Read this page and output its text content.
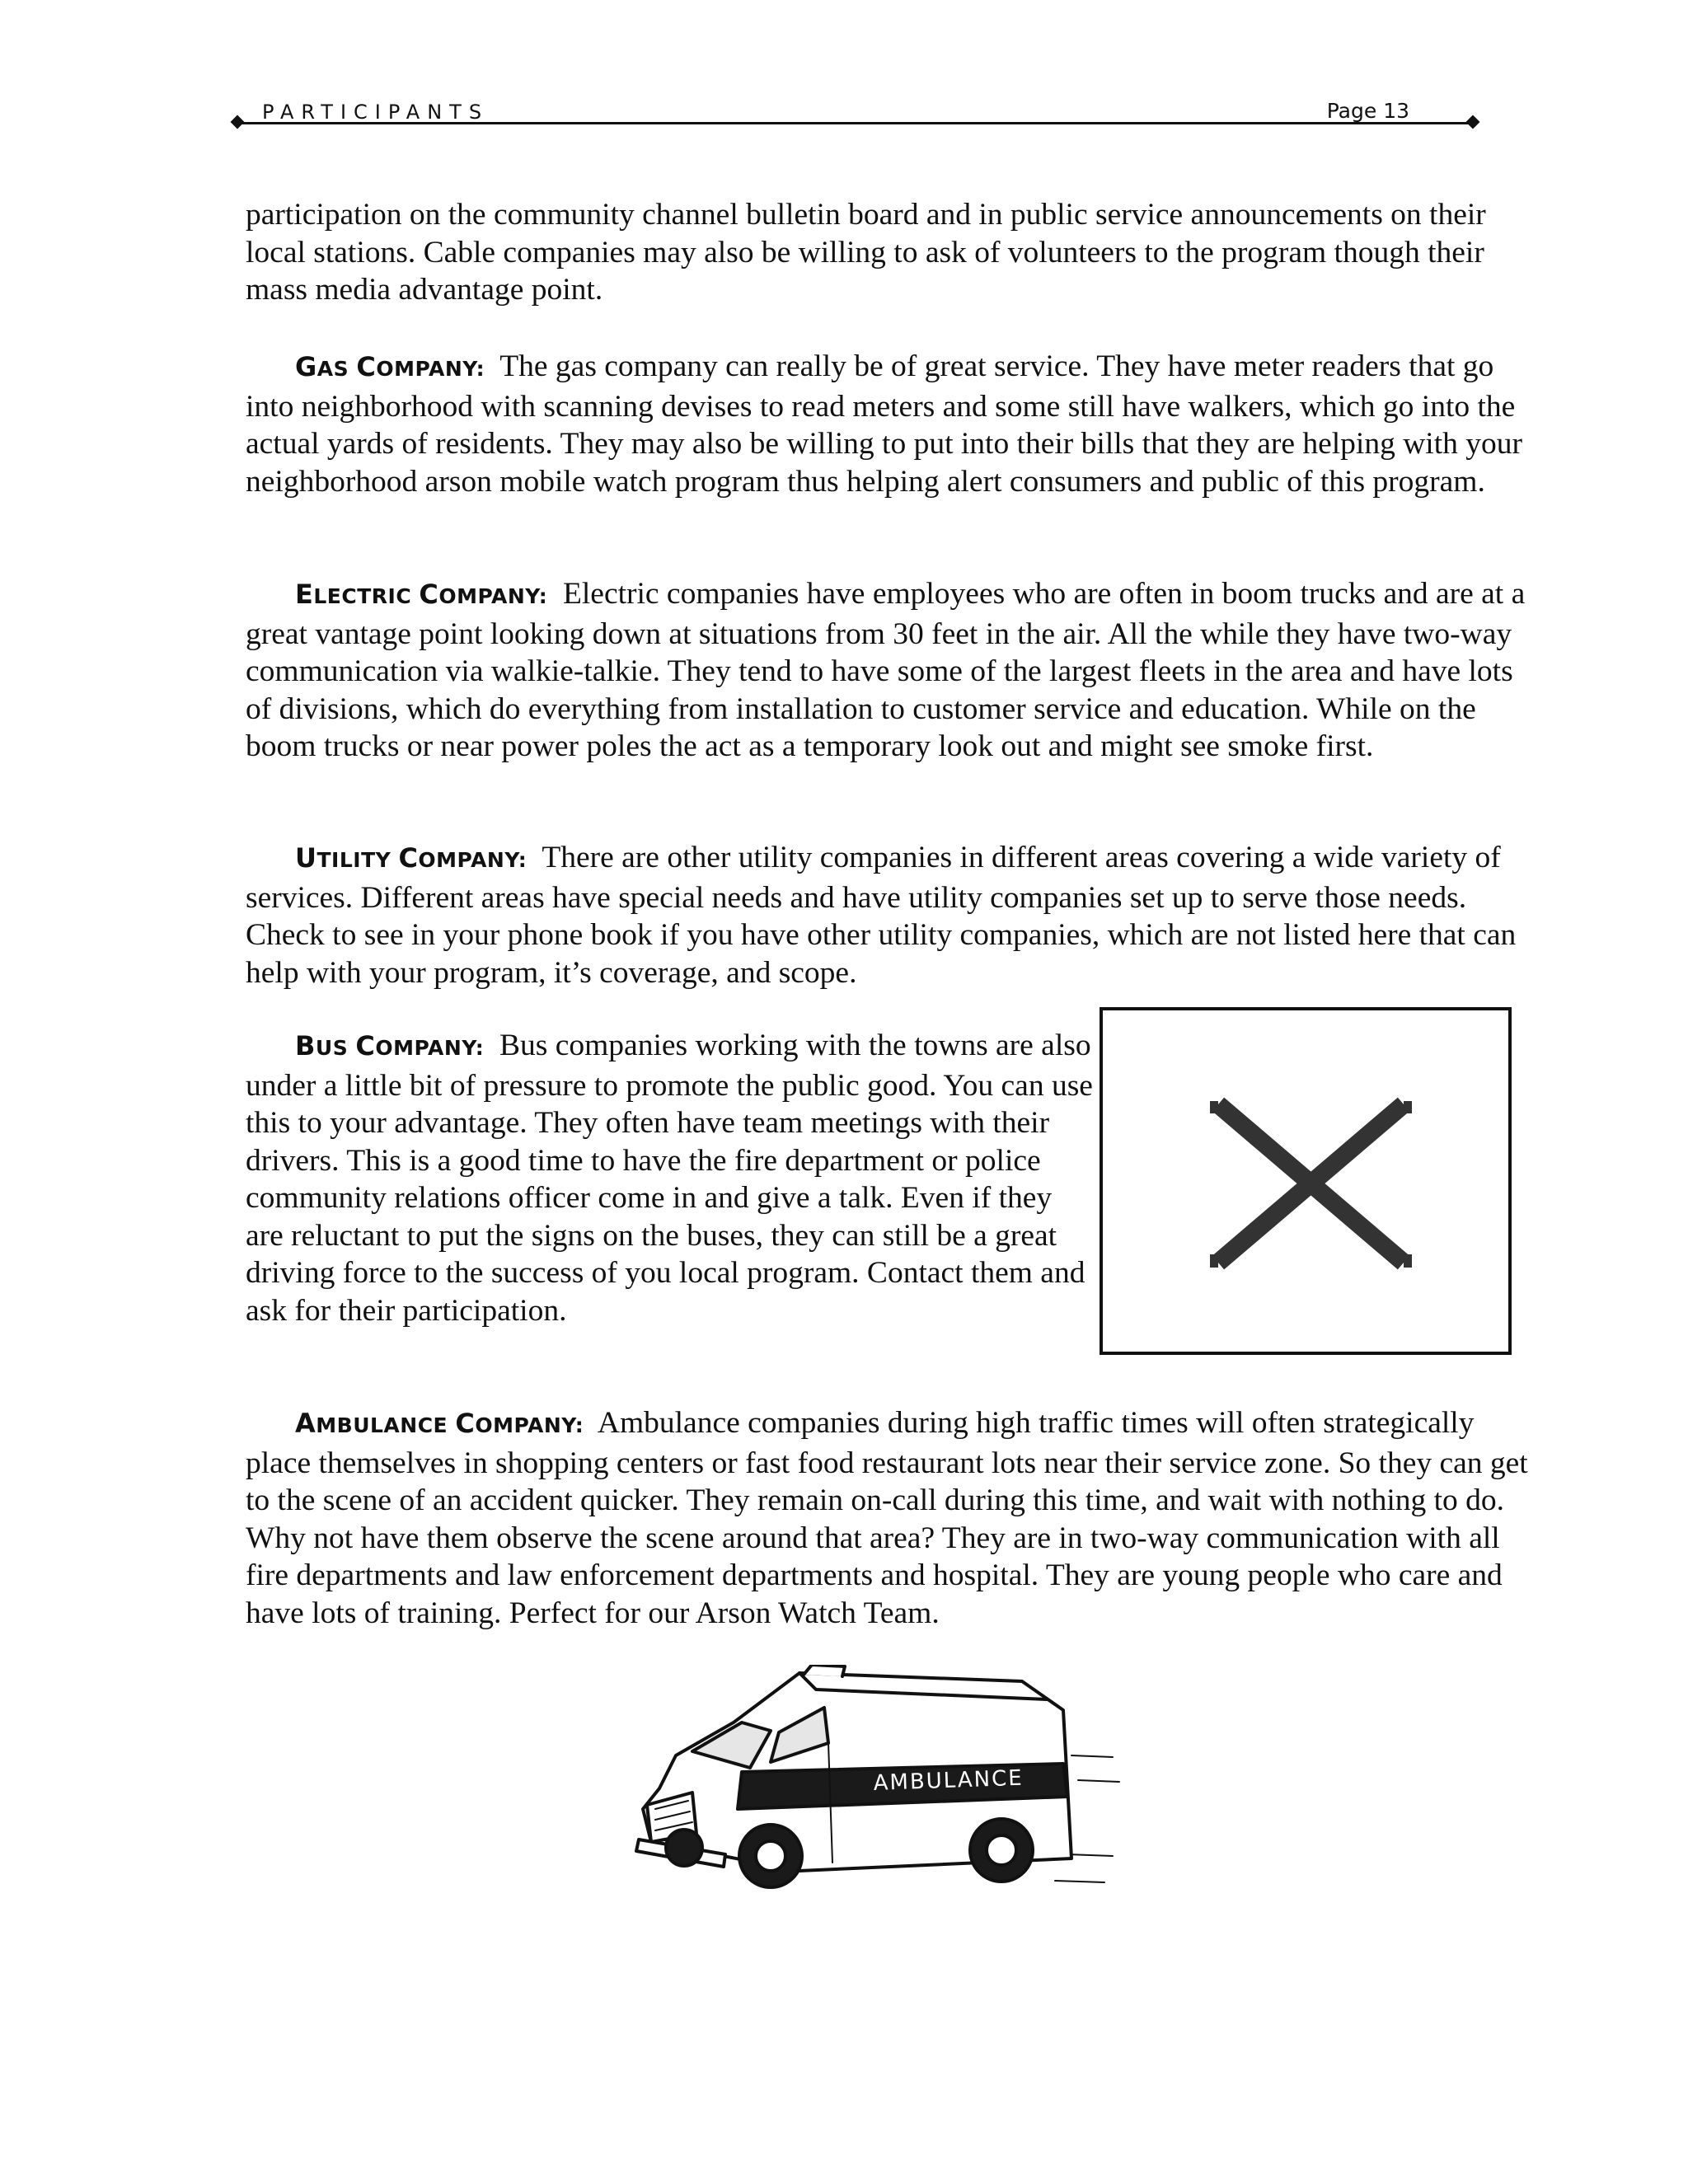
PARTICIPANTS	Page 13

participation on the community channel bulletin board and in public service announcements on their local stations. Cable companies may also be willing to ask of volunteers to the program though their mass media advantage point.

GAS COMPANY: The gas company can really be of great service. They have meter readers that go into neighborhood with scanning devises to read meters and some still have walkers, which go into the actual yards of residents. They may also be willing to put into their bills that they are helping with your neighborhood arson mobile watch program thus helping alert consumers and public of this program.

ELECTRIC COMPANY: Electric companies have employees who are often in boom trucks and are at a great vantage point looking down at situations from 30 feet in the air. All the while they have two-way communication via walkie-talkie. They tend to have some of the largest fleets in the area and have lots of divisions, which do everything from installation to customer service and education. While on the boom trucks or near power poles the act as a temporary look out and might see smoke first.

UTILITY COMPANY: There are other utility companies in different areas covering a wide variety of services. Different areas have special needs and have utility companies set up to serve those needs. Check to see in your phone book if you have other utility companies, which are not listed here that can help with your program, it’s coverage, and scope.

BUS COMPANY: Bus companies working with the towns are also under a little bit of pressure to promote the public good. You can use this to your advantage. They often have team meetings with their drivers. This is a good time to have the fire department or police community relations officer come in and give a talk. Even if they are reluctant to put the signs on the buses, they can still be a great driving force to the success of you local program. Contact them and ask for their participation.

AMBULANCE COMPANY: Ambulance companies during high traffic times will often strategically place themselves in shopping centers or fast food restaurant lots near their service zone. So they can get to the scene of an accident quicker. They remain on-call during this time, and wait with nothing to do. Why not have them observe the scene around that area? They are in two-way communication with all fire departments and law enforcement departments and hospital. They are young people who care and have lots of training. Perfect for our Arson Watch Team.

AMBULANCE
